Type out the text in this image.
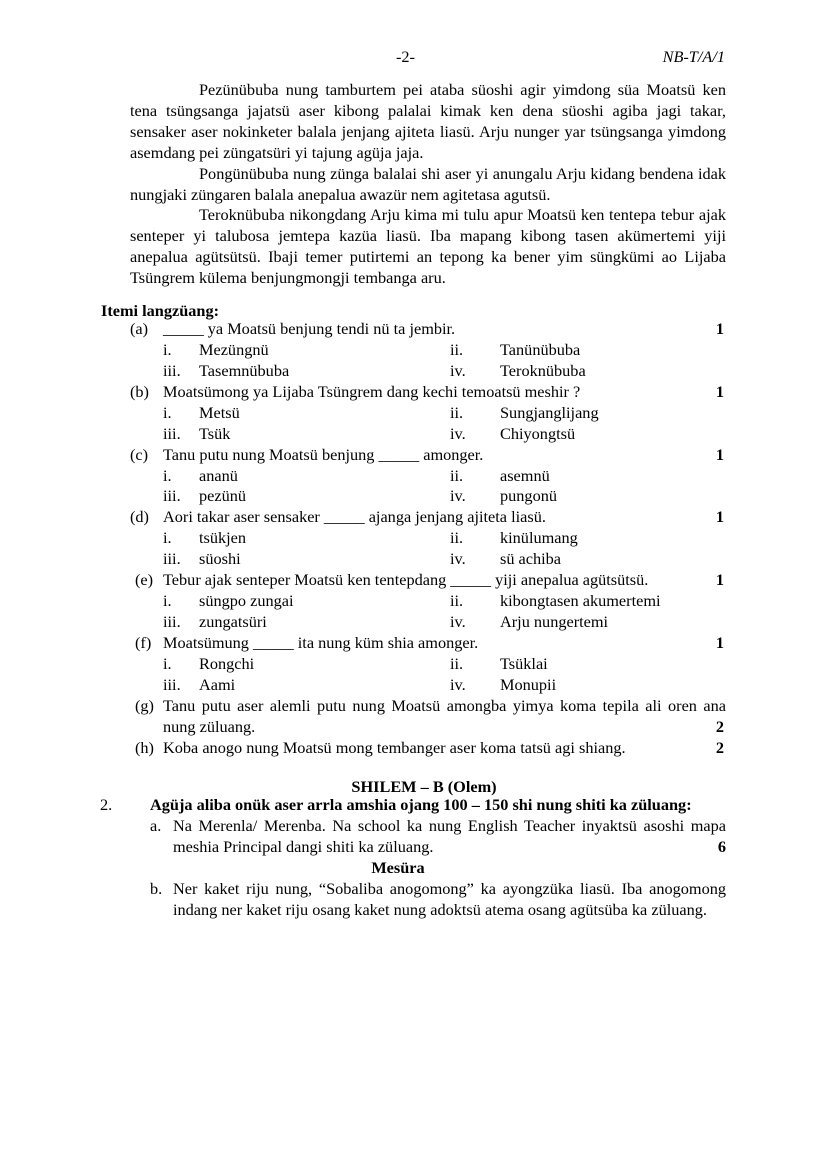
-2-	NB-T/A/1

Pezünübuba nung tamburtem pei ataba süoshi agir yimdong süa Moatsü ken tena tsüngsanga jajatsü aser kibong palalai kimak ken dena süoshi agiba jagi takar, sensaker aser nokinketer balala jenjang ajiteta liasü. Arju nunger yar tsüngsanga yimdong asemdang pei züngatsüri yi tajung agüja jaja.

Pongünübuba nung zünga balalai shi aser yi anungalu Arju kidang bendena idak nungjaki züngaren balala anepalua awazür nem agitetasa agutsü.

Teroknübuba nikongdang Arju kima mi tulu apur Moatsü ken tentepa tebur ajak senteper yi talubosa jemtepa kazüa liasü. Iba mapang kibong tasen akümertemi yiji anepalua agütsütsü. Ibaji temer putirtemi an tepong ka bener yim süngkümi ao Lijaba Tsüngrem külema benjungmongji tembanga aru.

Itemi langzüang:
(a) _____ ya Moatsü benjung tendi nü ta jembir.	1
i. Mezüngnü	ii. Tanünübuba
iii. Tasemnübuba	iv. Teroknübuba
(b) Moatsümong ya Lijaba Tsüngrem dang kechi temoatsü meshir ?	1
i. Metsü	ii. Sungjanglijang
iii. Tsük	iv. Chiyongtsü
(c) Tanu putu nung Moatsü benjung _____ amonger.	1
i. ananü	ii. asemnü
iii. pezünü	iv. pungonü
(d) Aori takar aser sensaker _____ ajanga jenjang ajiteta liasü.	1
i. tsükjen	ii. kinülumang
iii. süoshi	iv. sü achiba
(e) Tebur ajak senteper Moatsü ken tentepdang _____ yiji anepalua agütsütsü.	1
i. süngpo zungai	ii. kibongtasen akumertemi
iii. zungatsüri	iv. Arju nungertemi
(f) Moatsümung _____ ita nung küm shia amonger.	1
i. Rongchi	ii. Tsüklai
iii. Aami	iv. Monupii
(g) Tanu putu aser alemli putu nung Moatsü amongba yimya koma tepila ali oren ana nung züluang.	2
(h) Koba anogo nung Moatsü mong tembanger aser koma tatsü agi shiang.	2
SHILEM – B (Olem)
2. Agüja aliba onük aser arrla amshia ojang 100 – 150 shi nung shiti ka züluang:
a. Na Merenla/ Merenba. Na school ka nung English Teacher inyaktsü asoshi mapa meshia Principal dangi shiti ka züluang.	6
Mesüra
b. Ner kaket riju nung, “Sobaliba anogomong” ka ayongzüka liasü. Iba anogomong indang ner kaket riju osang kaket nung adoktsü atema osang agütsüba ka züluang.
